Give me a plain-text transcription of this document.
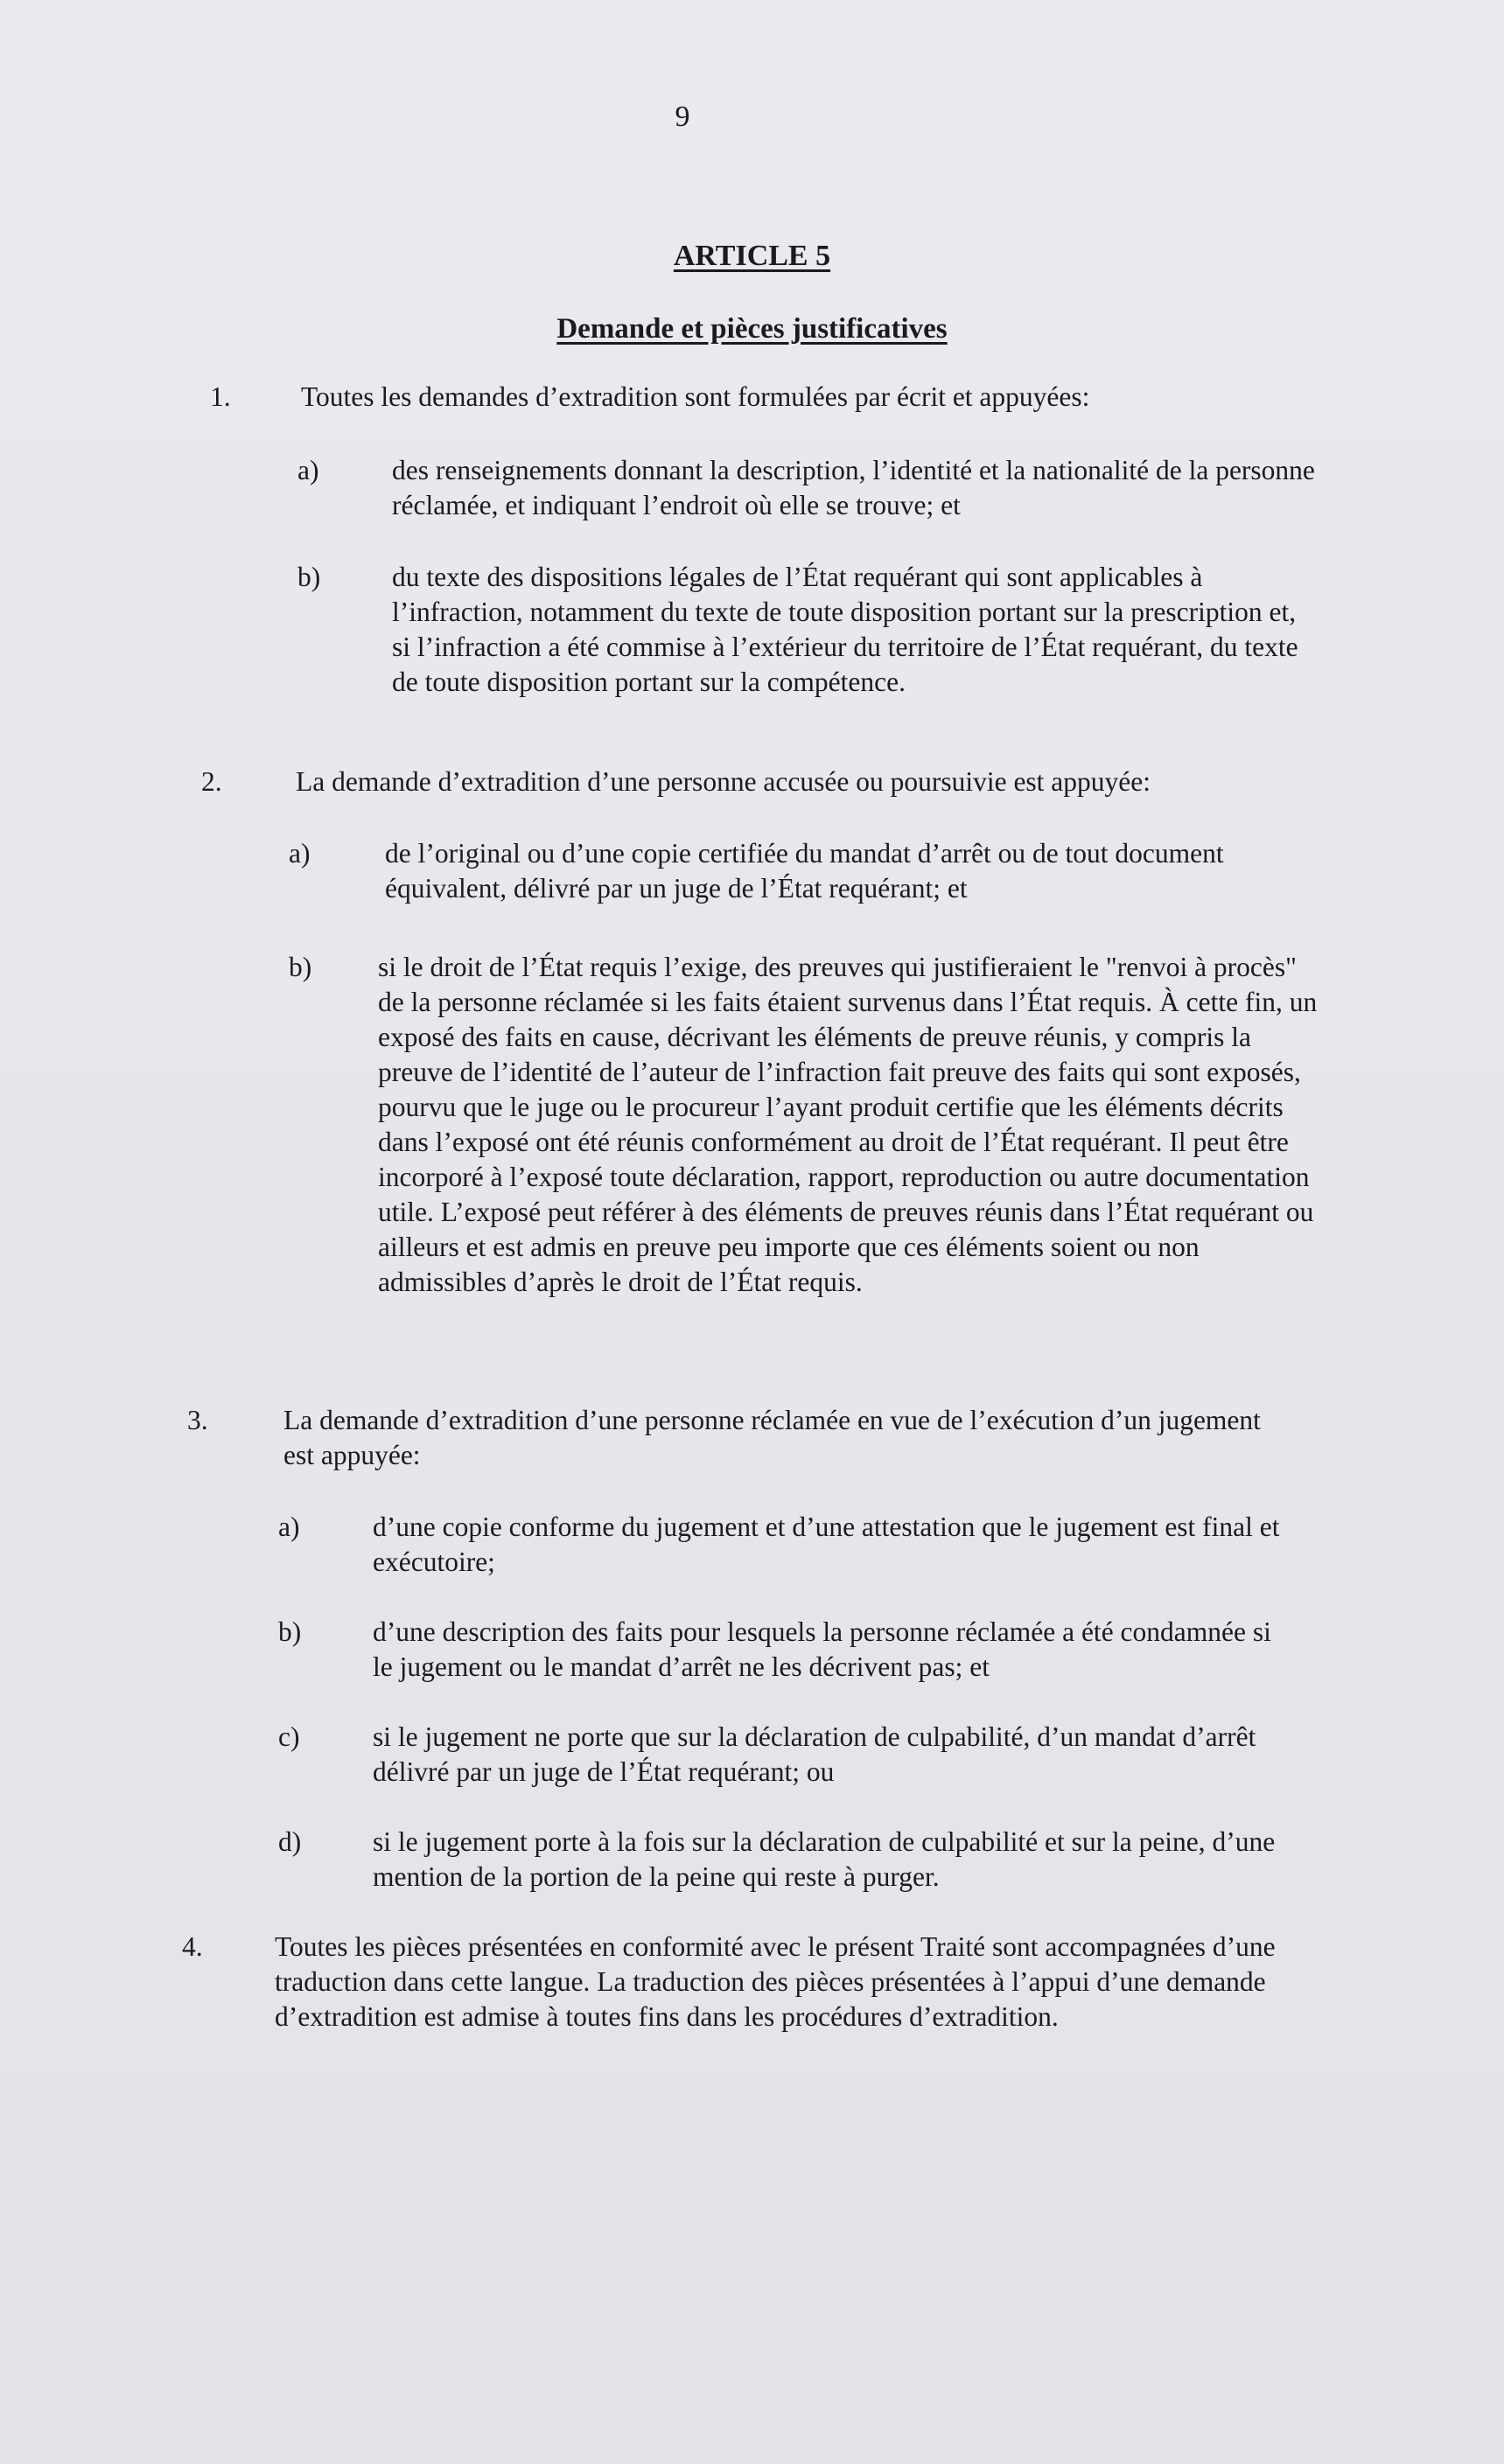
9
ARTICLE 5
Demande et pièces justificatives
1.	Toutes les demandes d’extradition sont formulées par écrit et appuyées:
a)	des renseignements donnant la description, l’identité et la nationalité de la personne réclamée, et indiquant l’endroit où elle se trouve; et
b)	du texte des dispositions légales de l’État requérant qui sont applicables à l’infraction, notamment du texte de toute disposition portant sur la prescription et, si l’infraction a été commise à l’extérieur du territoire de l’État requérant, du texte de toute disposition portant sur la compétence.
2.	La demande d’extradition d’une personne accusée ou poursuivie est appuyée:
a)	de l’original ou d’une copie certifiée du mandat d’arrêt ou de tout document équivalent, délivré par un juge de l’État requérant; et
b) si le droit de l’État requis l’exige, des preuves qui justifieraient le "renvoi à procès" de la personne réclamée si les faits étaient survenus dans l’État requis. À cette fin, un exposé des faits en cause, décrivant les éléments de preuve réunis, y compris la preuve de l’identité de l’auteur de l’infraction fait preuve des faits qui sont exposés, pourvu que le juge ou le procureur l’ayant produit certifie que les éléments décrits dans l’exposé ont été réunis conformément au droit de l’État requérant. Il peut être incorporé à l’exposé toute déclaration, rapport, reproduction ou autre documentation utile. L’exposé peut référer à des éléments de preuves réunis dans l’État requérant ou ailleurs et est admis en preuve peu importe que ces éléments soient ou non admissibles d’après le droit de l’État requis.
3.	La demande d’extradition d’une personne réclamée en vue de l’exécution d’un jugement est appuyée:
a)	d’une copie conforme du jugement et d’une attestation que le jugement est final et exécutoire;
b)	d’une description des faits pour lesquels la personne réclamée a été condamnée si le jugement ou le mandat d’arrêt ne les décrivent pas; et
c)	si le jugement ne porte que sur la déclaration de culpabilité, d’un mandat d’arrêt délivré par un juge de l’État requérant; ou
d)	si le jugement porte à la fois sur la déclaration de culpabilité et sur la peine, d’une mention de la portion de la peine qui reste à purger.
4.	Toutes les pièces présentées en conformité avec le présent Traité sont accompagnées d’une traduction dans cette langue. La traduction des pièces présentées à l’appui d’une demande d’extradition est admise à toutes fins dans les procédures d’extradition.
